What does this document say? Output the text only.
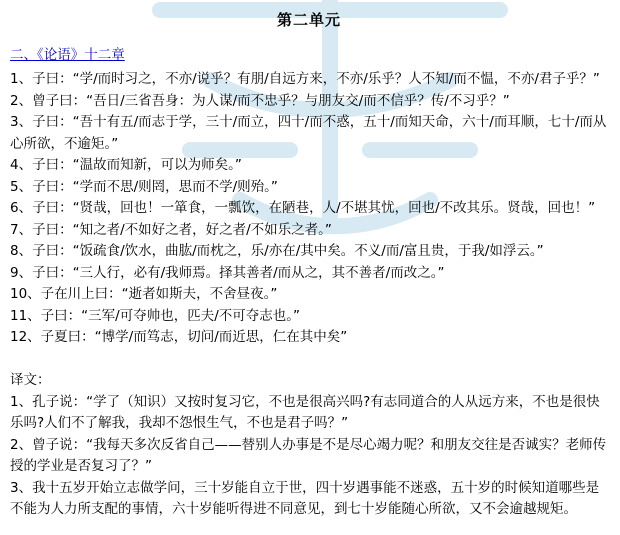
第二单元
二、《论语》十二章

1、子曰：“学/而时习之，不亦/说乎？有朋/自远方来，不亦/乐乎？人不知/而不愠，不亦/君子乎？”

2、曾子曰：“吾日/三省吾身：为人谋/而不忠乎？与朋友交/而不信乎？传/不习乎？”

3、子曰：“吾十有五/而志于学，三十/而立，四十/而不惑，五十/而知天命，六十/而耳顺，七十/而从心所欲，不逾矩。”

4、子曰：“温故而知新，可以为师矣。”

5、子曰：“学而不思/则罔，思而不学/则殆。”

6、子曰：“贤哉，回也！一箪食，一瓢饮，在陋巷，人/不堪其忧，回也/不改其乐。贤哉，回也！”

7、子曰：“知之者/不如好之者，好之者/不如乐之者。”

8、子曰：“饭疏食/饮水，曲肱/而枕之，乐/亦在/其中矣。不义/而/富且贵，于我/如浮云。”

9、子曰：“三人行，必有/我师焉。择其善者/而从之，其不善者/而改之。”

10、子在川上曰：“逝者如斯夫，不舍昼夜。”

11、子曰：“三军/可夺帅也，匹夫/不可夺志也。”

12、子夏曰：“博学/而笃志，切问/而近思，仁在其中矣”

译文：

1、孔子说：“学了（知识）又按时复习它，不也是很高兴吗?有志同道合的人从远方来，不也是很快乐吗?人们不了解我，我却不怨恨生气，不也是君子吗？”

2、曾子说：“我每天多次反省自己——替别人办事是不是尽心竭力呢？和朋友交往是否诚实？老师传授的学业是否复习了？”

3、我十五岁开始立志做学问，三十岁能自立于世，四十岁遇事能不迷惑，五十岁的时候知道哪些是不能为人力所支配的事情，六十岁能听得进不同意见，到七十岁能随心所欲，又不会逾越规矩。
